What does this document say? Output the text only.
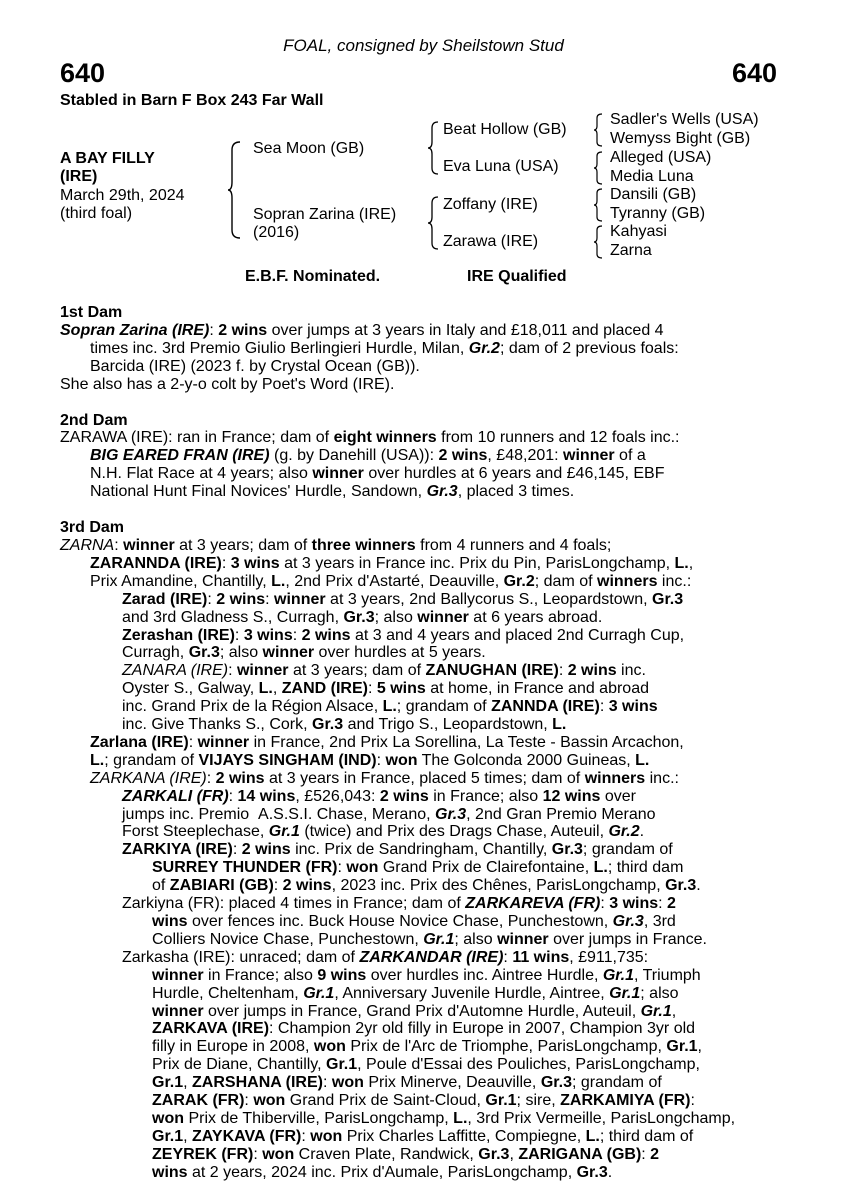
FOAL, consigned by Sheilstown Stud
640	640
Stabled in Barn F Box 243 Far Wall
A BAY FILLY
(IRE)
March 29th, 2024
(third foal)
Sea Moon (GB)
Sopran Zarina (IRE)
(2016)
Beat Hollow (GB)
Eva Luna (USA)
Zoffany (IRE)
Zarawa (IRE)
Sadler's Wells (USA)
Wemyss Bight (GB)
Alleged (USA)
Media Luna
Dansili (GB)
Tyranny (GB)
Kahyasi
Zarna
E.B.F. Nominated.	IRE Qualified

1st Dam

Sopran Zarina (IRE): 2 wins over jumps at 3 years in Italy and £18,011 and placed 4
times inc. 3rd Premio Giulio Berlingieri Hurdle, Milan, Gr.2; dam of 2 previous foals:
Barcida (IRE) (2023 f. by Crystal Ocean (GB)).

She also has a 2-y-o colt by Poet's Word (IRE).

2nd Dam

ZARAWA (IRE): ran in France; dam of eight winners from 10 runners and 12 foals inc.:

BIG EARED FRAN (IRE) (g. by Danehill (USA)): 2 wins, £48,201: winner of a
N.H. Flat Race at 4 years; also winner over hurdles at 6 years and £46,145, EBF
National Hunt Final Novices' Hurdle, Sandown, Gr.3, placed 3 times.

3rd Dam

ZARNA: winner at 3 years; dam of three winners from 4 runners and 4 foals;

ZARANNDA (IRE): 3 wins at 3 years in France inc. Prix du Pin, ParisLongchamp, L.,
Prix Amandine, Chantilly, L., 2nd Prix d'Astarté, Deauville, Gr.2; dam of winners inc.:

Zarad (IRE): 2 wins: winner at 3 years, 2nd Ballycorus S., Leopardstown, Gr.3
and 3rd Gladness S., Curragh, Gr.3; also winner at 6 years abroad.

Zerashan (IRE): 3 wins: 2 wins at 3 and 4 years and placed 2nd Curragh Cup,
Curragh, Gr.3; also winner over hurdles at 5 years.

ZANARA (IRE): winner at 3 years; dam of ZANUGHAN (IRE): 2 wins inc.
Oyster S., Galway, L., ZAND (IRE): 5 wins at home, in France and abroad
inc. Grand Prix de la Région Alsace, L.; grandam of ZANNDA (IRE): 3 wins
inc. Give Thanks S., Cork, Gr.3 and Trigo S., Leopardstown, L.

Zarlana (IRE): winner in France, 2nd Prix La Sorellina, La Teste - Bassin Arcachon,
L.; grandam of VIJAYS SINGHAM (IND): won The Golconda 2000 Guineas, L.

ZARKANA (IRE): 2 wins at 3 years in France, placed 5 times; dam of winners inc.:

ZARKALI (FR): 14 wins, £526,043: 2 wins in France; also 12 wins over
jumps inc. Premio  A.S.S.I. Chase, Merano, Gr.3, 2nd Gran Premio Merano
Forst Steeplechase, Gr.1 (twice) and Prix des Drags Chase, Auteuil, Gr.2.

ZARKIYA (IRE): 2 wins inc. Prix de Sandringham, Chantilly, Gr.3; grandam of
SURREY THUNDER (FR): won Grand Prix de Clairefontaine, L.; third dam
of ZABIARI (GB): 2 wins, 2023 inc. Prix des Chênes, ParisLongchamp, Gr.3.

Zarkiyna (FR): placed 4 times in France; dam of ZARKAREVA (FR): 3 wins: 2
wins over fences inc. Buck House Novice Chase, Punchestown, Gr.3, 3rd
Colliers Novice Chase, Punchestown, Gr.1; also winner over jumps in France.

Zarkasha (IRE): unraced; dam of ZARKANDAR (IRE): 11 wins, £911,735:
winner in France; also 9 wins over hurdles inc. Aintree Hurdle, Gr.1, Triumph
Hurdle, Cheltenham, Gr.1, Anniversary Juvenile Hurdle, Aintree, Gr.1; also
winner over jumps in France, Grand Prix d'Automne Hurdle, Auteuil, Gr.1,
ZARKAVA (IRE): Champion 2yr old filly in Europe in 2007, Champion 3yr old
filly in Europe in 2008, won Prix de l'Arc de Triomphe, ParisLongchamp, Gr.1,
Prix de Diane, Chantilly, Gr.1, Poule d'Essai des Pouliches, ParisLongchamp,
Gr.1, ZARSHANA (IRE): won Prix Minerve, Deauville, Gr.3; grandam of
ZARAK (FR): won Grand Prix de Saint-Cloud, Gr.1; sire, ZARKAMIYA (FR):
won Prix de Thiberville, ParisLongchamp, L., 3rd Prix Vermeille, ParisLongchamp,
Gr.1, ZAYKAVA (FR): won Prix Charles Laffitte, Compiegne, L.; third dam of
ZEYREK (FR): won Craven Plate, Randwick, Gr.3, ZARIGANA (GB): 2
wins at 2 years, 2024 inc. Prix d'Aumale, ParisLongchamp, Gr.3.
